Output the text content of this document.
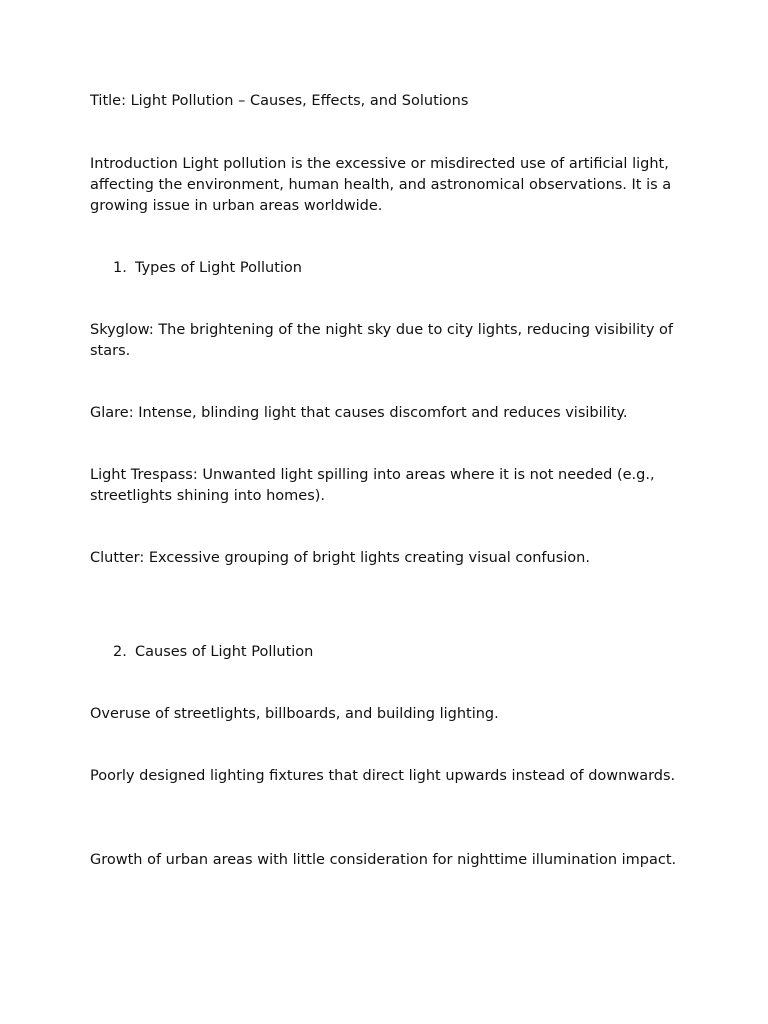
Title: Light Pollution – Causes, Effects, and Solutions

Introduction Light pollution is the excessive or misdirected use of artificial light, affecting the environment, human health, and astronomical observations. It is a growing issue in urban areas worldwide.

1. Types of Light Pollution

Skyglow: The brightening of the night sky due to city lights, reducing visibility of stars.

Glare: Intense, blinding light that causes discomfort and reduces visibility.

Light Trespass: Unwanted light spilling into areas where it is not needed (e.g., streetlights shining into homes).

Clutter: Excessive grouping of bright lights creating visual confusion.

2. Causes of Light Pollution

Overuse of streetlights, billboards, and building lighting.

Poorly designed lighting fixtures that direct light upwards instead of downwards.

Growth of urban areas with little consideration for nighttime illumination impact.
